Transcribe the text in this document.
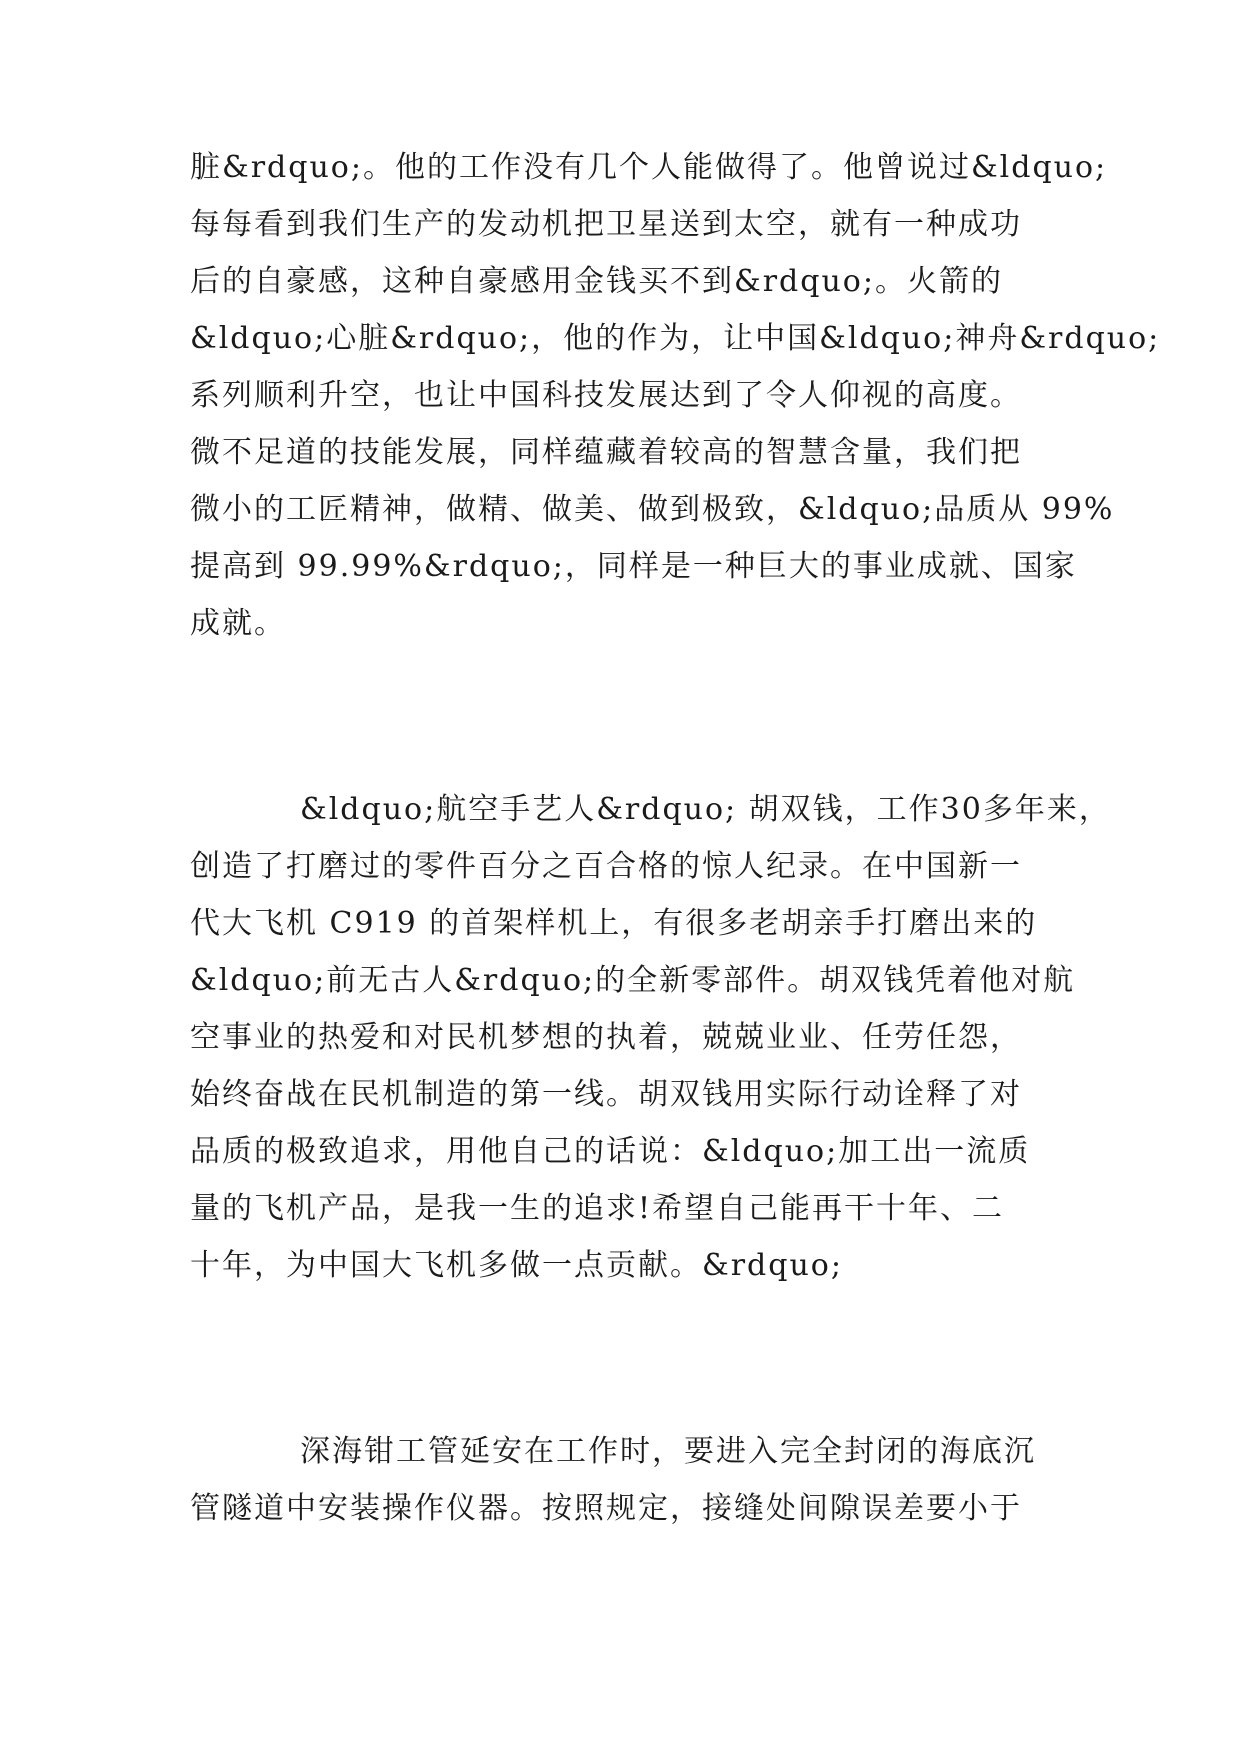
脏&rdquo;。他的工作没有几个人能做得了。他曾说过&ldquo;
每每看到我们生产的发动机把卫星送到太空，就有一种成功
后的自豪感，这种自豪感用金钱买不到&rdquo;。火箭的
&ldquo;心脏&rdquo;，他的作为，让中国&ldquo;神舟&rdquo;
系列顺利升空，也让中国科技发展达到了令人仰视的高度。
微不足道的技能发展，同样蕴藏着较高的智慧含量，我们把
微小的工匠精神，做精、做美、做到极致，&ldquo;品质从 99%
提高到 99.99%&rdquo;，同样是一种巨大的事业成就、国家
成就。
&ldquo;航空手艺人&rdquo; 胡双钱，工作30多年来，
创造了打磨过的零件百分之百合格的惊人纪录。在中国新一
代大飞机 C919 的首架样机上，有很多老胡亲手打磨出来的
&ldquo;前无古人&rdquo;的全新零部件。胡双钱凭着他对航
空事业的热爱和对民机梦想的执着，兢兢业业、任劳任怨，
始终奋战在民机制造的第一线。胡双钱用实际行动诠释了对
品质的极致追求，用他自己的话说：&ldquo;加工出一流质
量的飞机产品，是我一生的追求!希望自己能再干十年、二
十年，为中国大飞机多做一点贡献。&rdquo;
深海钳工管延安在工作时，要进入完全封闭的海底沉
管隧道中安装操作仪器。按照规定，接缝处间隙误差要小于
